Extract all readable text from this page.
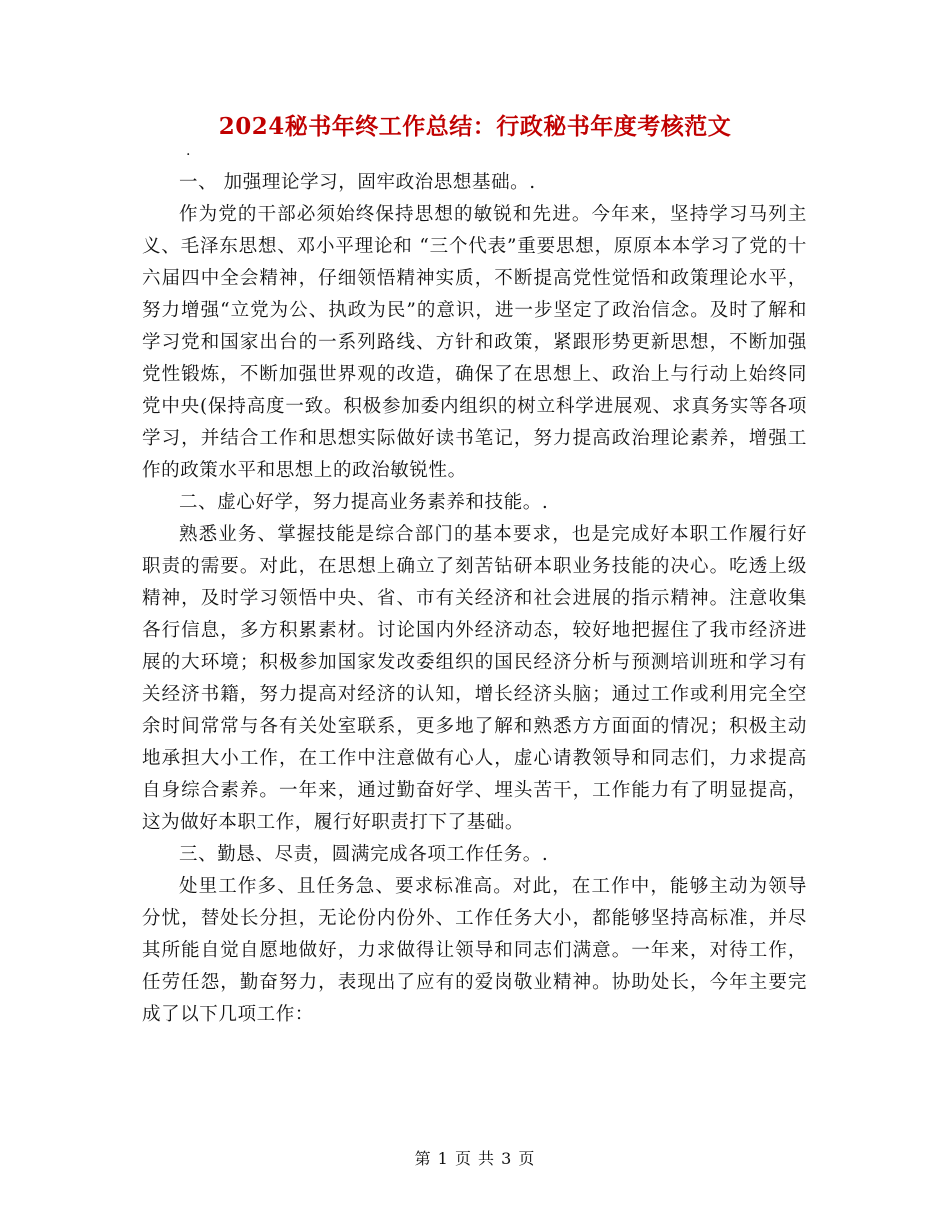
2024秘书年终工作总结：行政秘书年度考核范文
.

一、 加强理论学习，固牢政治思想基础。.

作为党的干部必须始终保持思想的敏锐和先进。今年来，坚持学习马列主义、毛泽东思想、邓小平理论和 “三个代表”重要思想，原原本本学习了党的十六届四中全会精神，仔细领悟精神实质，不断提高党性觉悟和政策理论水平，努力增强“立党为公、执政为民”的意识，进一步坚定了政治信念。及时了解和学习党和国家出台的一系列路线、方针和政策，紧跟形势更新思想，不断加强党性锻炼，不断加强世界观的改造，确保了在思想上、政治上与行动上始终同党中央(保持高度一致。积极参加委内组织的树立科学进展观、求真务实等各项学习，并结合工作和思想实际做好读书笔记，努力提高政治理论素养，增强工作的政策水平和思想上的政治敏锐性。

二、虚心好学，努力提高业务素养和技能。.

熟悉业务、掌握技能是综合部门的基本要求，也是完成好本职工作履行好职责的需要。对此，在思想上确立了刻苦钻研本职业务技能的决心。吃透上级精神，及时学习领悟中央、省、市有关经济和社会进展的指示精神。注意收集各行信息，多方积累素材。讨论国内外经济动态，较好地把握住了我市经济进展的大环境；积极参加国家发改委组织的国民经济分析与预测培训班和学习有关经济书籍，努力提高对经济的认知，增长经济头脑；通过工作或利用完全空余时间常常与各有关处室联系，更多地了解和熟悉方方面面的情况；积极主动地承担大小工作，在工作中注意做有心人，虚心请教领导和同志们，力求提高自身综合素养。一年来，通过勤奋好学、埋头苦干，工作能力有了明显提高，这为做好本职工作，履行好职责打下了基础。

三、勤恳、尽责，圆满完成各项工作任务。.

处里工作多、且任务急、要求标准高。对此，在工作中，能够主动为领导分忧，替处长分担，无论份内份外、工作任务大小，都能够坚持高标准，并尽其所能自觉自愿地做好，力求做得让领导和同志们满意。一年来，对待工作，任劳任怨，勤奋努力，表现出了应有的爱岗敬业精神。协助处长，今年主要完成了以下几项工作：

第 1 页 共 3 页
